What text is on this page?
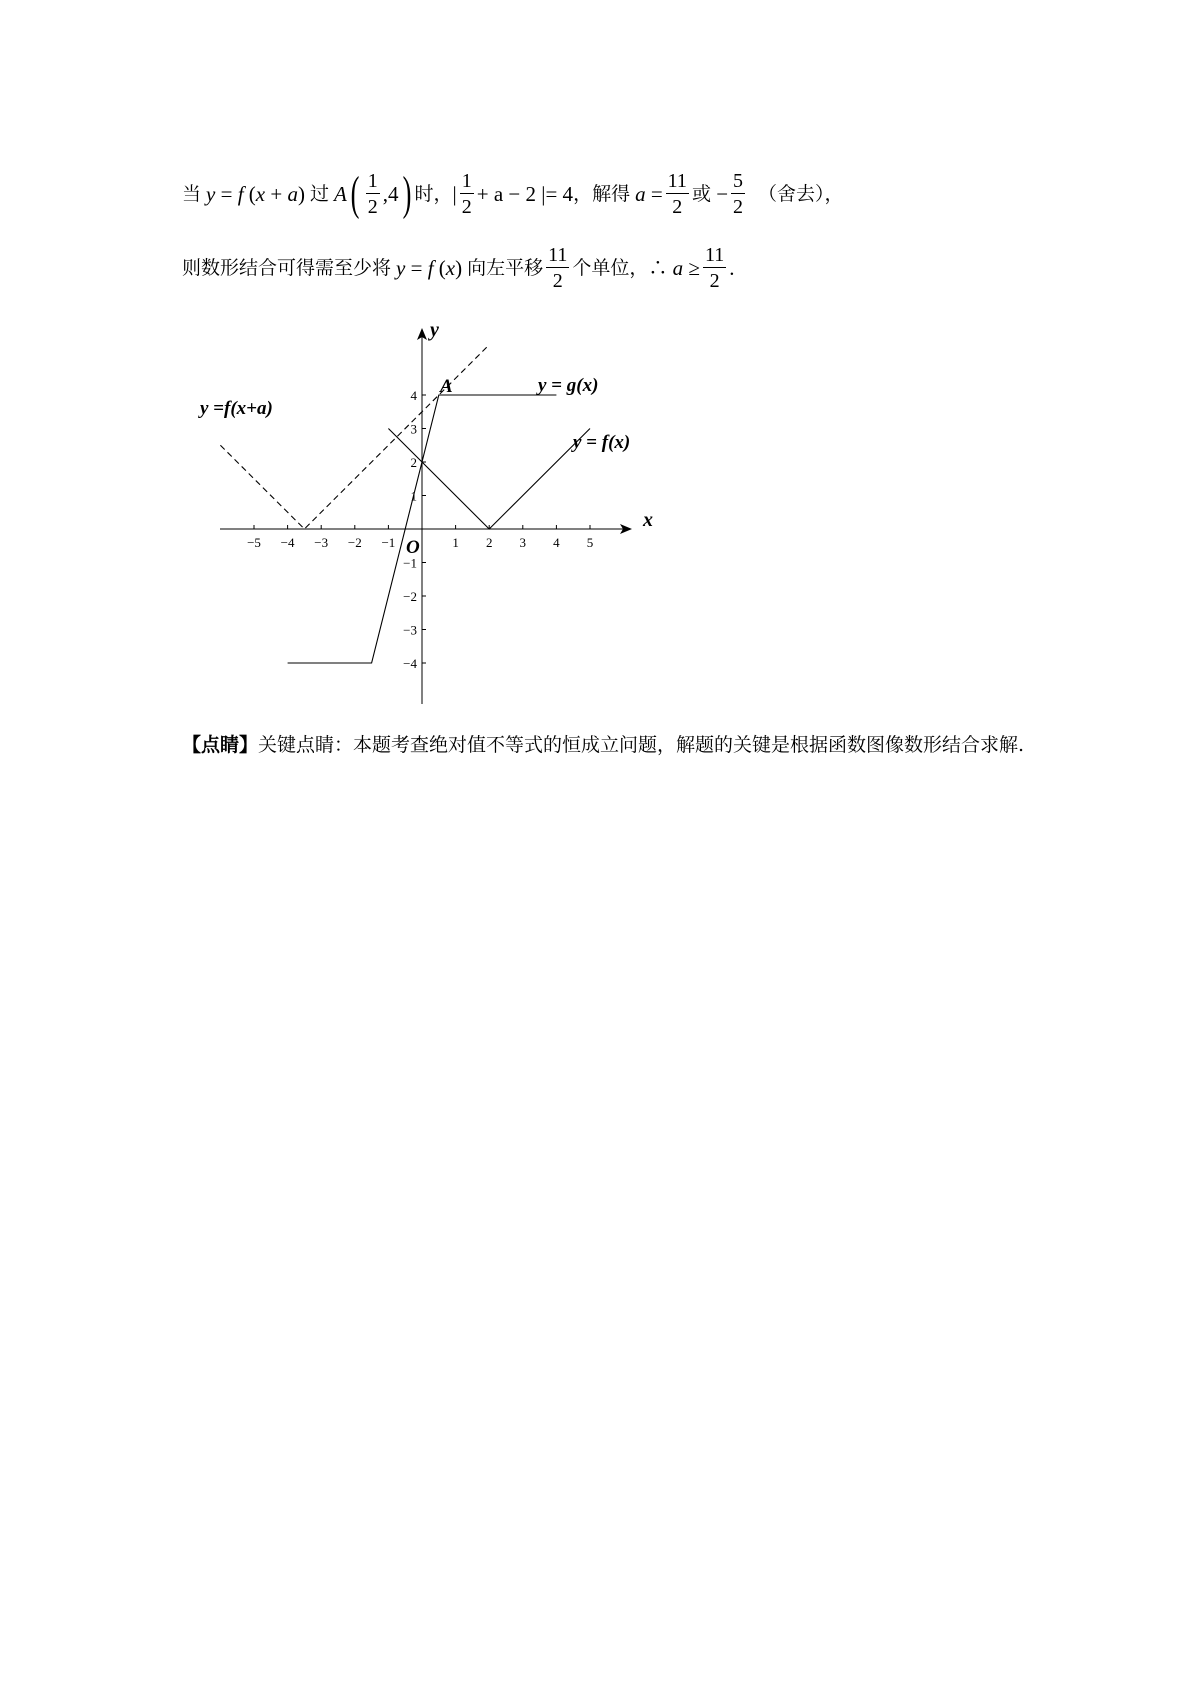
当 y = f (x + a) 过 A ( $\frac{1}{2}$ , 4 ) 时， | $\frac{1}{2} + a - 2$ |= 4 ，解得 $a = \frac{11}{2}$ 或 − $\frac{5}{2}$ （舍去），
则数形结合可得需至少将 y = f (x) 向左平移 $\frac{11}{2}$ 个单位，∴ $a \ge \frac{11}{2}$ .
x
y
O
−5 −4 −3 −2 −1	1 2 3 4 5
4
3
2
1
−1
−2
−3
−4
A	y = g(x)
y = f(x)
y =f(x+a)
【点睛】关键点睛：本题考查绝对值不等式的恒成立问题，解题的关键是根据函数图像数形结合求解.
